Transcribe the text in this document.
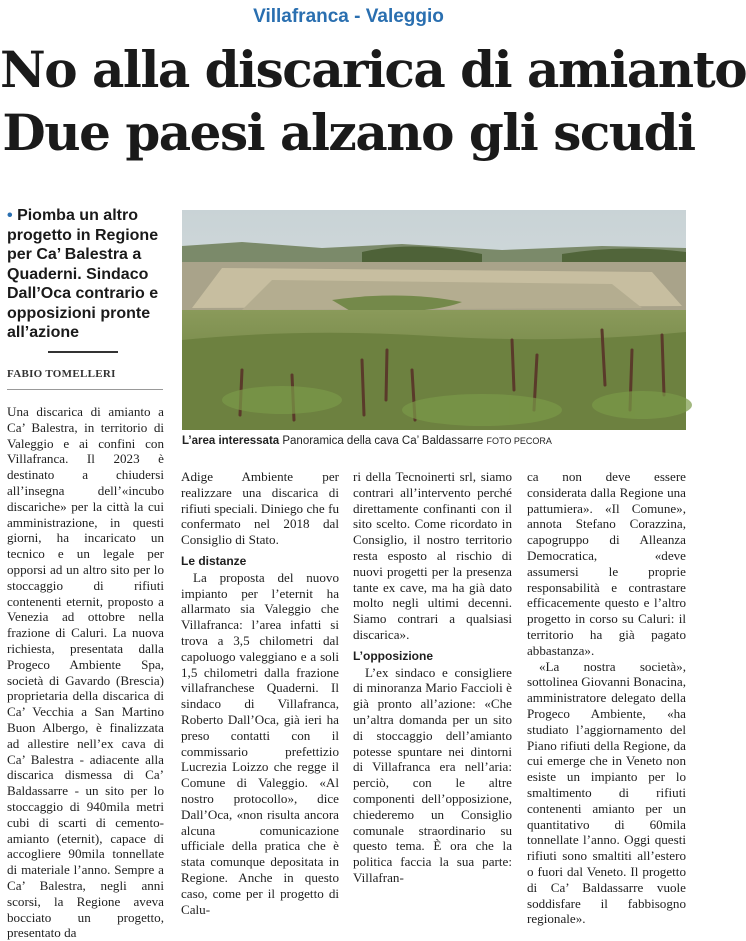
Villafranca - Valeggio
No alla discarica di amianto
Due paesi alzano gli scudi
• Piomba un altro progetto in Regione per Ca’ Balestra a Quaderni. Sindaco Dall’Oca contrario e opposizioni pronte all’azione
FABIO TOMELLERI
L’area interessata Panoramica della cava Ca’ Baldassarre FOTO PECORA

Una discarica di amianto a Ca’ Balestra, in territorio di Valeggio e ai confini con Villafranca. Il 2023 è destinato a chiudersi all’insegna dell’«incubo discariche» per la città la cui amministrazione, in questi giorni, ha incaricato un tecnico e un legale per opporsi ad un altro sito per lo stoccaggio di rifiuti contenenti eternit, proposto a Venezia ad ottobre nella frazione di Caluri. La nuova richiesta, presentata dalla Progeco Ambiente Spa, società di Gavardo (Brescia) proprietaria della discarica di Ca’ Vecchia a San Martino Buon Albergo, è finalizzata ad allestire nell’ex cava di Ca’ Balestra - adiacente alla discarica dismessa di Ca’ Baldassarre - un sito per lo stoccaggio di 940mila metri cubi di scarti di cemento-amianto (eternit), capace di accogliere 90mila tonnellate di materiale l’anno. Sempre a Ca’ Balestra, negli anni scorsi, la Regione aveva bocciato un progetto, presentato da

Adige Ambiente per realizzare una discarica di rifiuti speciali. Diniego che fu confermato nel 2018 dal Consiglio di Stato.

Le distanze

La proposta del nuovo impianto per l’eternit ha allarmato sia Valeggio che Villafranca: l’area infatti si trova a 3,5 chilometri dal capoluogo valeggiano e a soli 1,5 chilometri dalla frazione villafranchese Quaderni. Il sindaco di Villafranca, Roberto Dall’Oca, già ieri ha preso contatti con il commissario prefettizio Lucrezia Loizzo che regge il Comune di Valeggio. «Al nostro protocollo», dice Dall’Oca, «non risulta ancora alcuna comunicazione ufficiale della pratica che è stata comunque depositata in Regione. Anche in questo caso, come per il progetto di Calu-

ri della Tecnoinerti srl, siamo contrari all’intervento perché direttamente confinanti con il sito scelto. Come ricordato in Consiglio, il nostro territorio resta esposto al rischio di nuovi progetti per la presenza tante ex cave, ma ha già dato molto negli ultimi decenni. Siamo contrari a qualsiasi discarica».

L’opposizione

L’ex sindaco e consigliere di minoranza Mario Faccioli è già pronto all’azione: «Che un’altra domanda per un sito di stoccaggio dell’amianto potesse spuntare nei dintorni di Villafranca era nell’aria: perciò, con le altre componenti dell’opposizione, chiederemo un Consiglio comunale straordinario su questo tema. È ora che la politica faccia la sua parte: Villafran-

ca non deve essere considerata dalla Regione una pattumiera». «Il Comune», annota Stefano Corazzina, capogruppo di Alleanza Democratica, «deve assumersi le proprie responsabilità e contrastare efficacemente questo e l’altro progetto in corso su Caluri: il territorio ha già pagato abbastanza».

«La nostra società», sottolinea Giovanni Bonacina, amministratore delegato della Progeco Ambiente, «ha studiato l’aggiornamento del Piano rifiuti della Regione, da cui emerge che in Veneto non esiste un impianto per lo smaltimento di rifiuti contenenti amianto per un quantitativo di 60mila tonnellate l’anno. Oggi questi rifiuti sono smaltiti all’estero o fuori dal Veneto. Il progetto di Ca’ Baldassarre vuole soddisfare il fabbisogno regionale».
